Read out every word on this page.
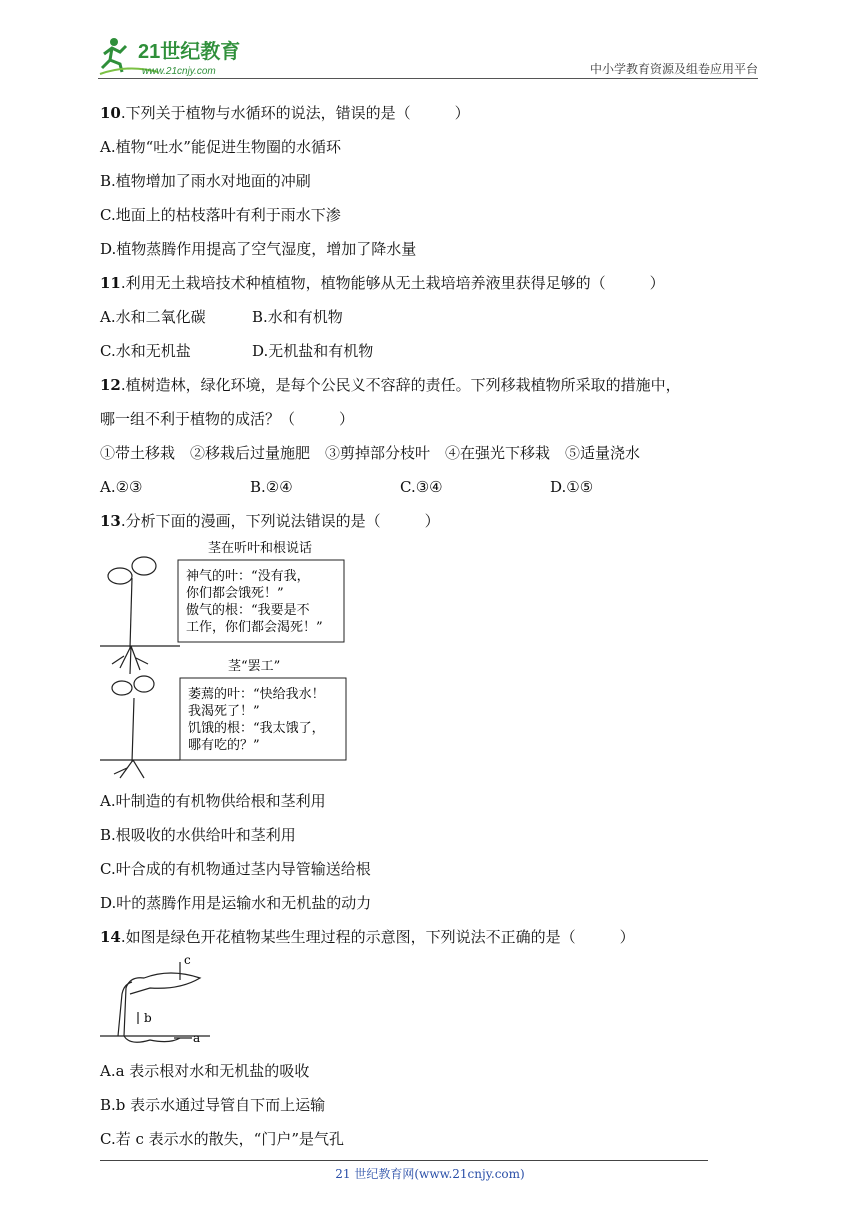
21世纪教育
www.21cnjy.com	中小学教育资源及组卷应用平台
10.下列关于植物与水循环的说法，错误的是（	）
A.植物“吐水”能促进生物圈的水循环
B.植物增加了雨水对地面的冲刷
C.地面上的枯枝落叶有利于雨水下渗
D.植物蒸腾作用提高了空气湿度，增加了降水量
11.利用无土栽培技术种植植物，植物能够从无土栽培培养液里获得足够的（	）
A.水和二氧化碳	B.水和有机物
C.水和无机盐	D.无机盐和有机物
12.植树造林，绿化环境，是每个公民义不容辞的责任。下列移栽植物所采取的措施中，
哪一组不利于植物的成活？（	）
①带土移栽　②移栽后过量施肥　③剪掉部分枝叶　④在强光下移栽　⑤适量浇水
A.②③	B.②④	C.③④	D.①⑤
13.分析下面的漫画，下列说法错误的是（	）
茎在听叶和根说话
神气的叶：“没有我，
你们都会饿死！”
傲气的根：“我要是不
工作，你们都会渴死！”
茎“罢工”
萎蔫的叶：“快给我水！
我渴死了！”
饥饿的根：“我太饿了，
哪有吃的？”
A.叶制造的有机物供给根和茎利用
B.根吸收的水供给叶和茎利用
C.叶合成的有机物通过茎内导管输送给根
D.叶的蒸腾作用是运输水和无机盐的动力
14.如图是绿色开花植物某些生理过程的示意图，下列说法不正确的是（	）
b
a
c
A.a 表示根对水和无机盐的吸收
B.b 表示水通过导管自下而上运输
C.若 c 表示水的散失，“门户”是气孔
21 世纪教育网(www.21cnjy.com)
